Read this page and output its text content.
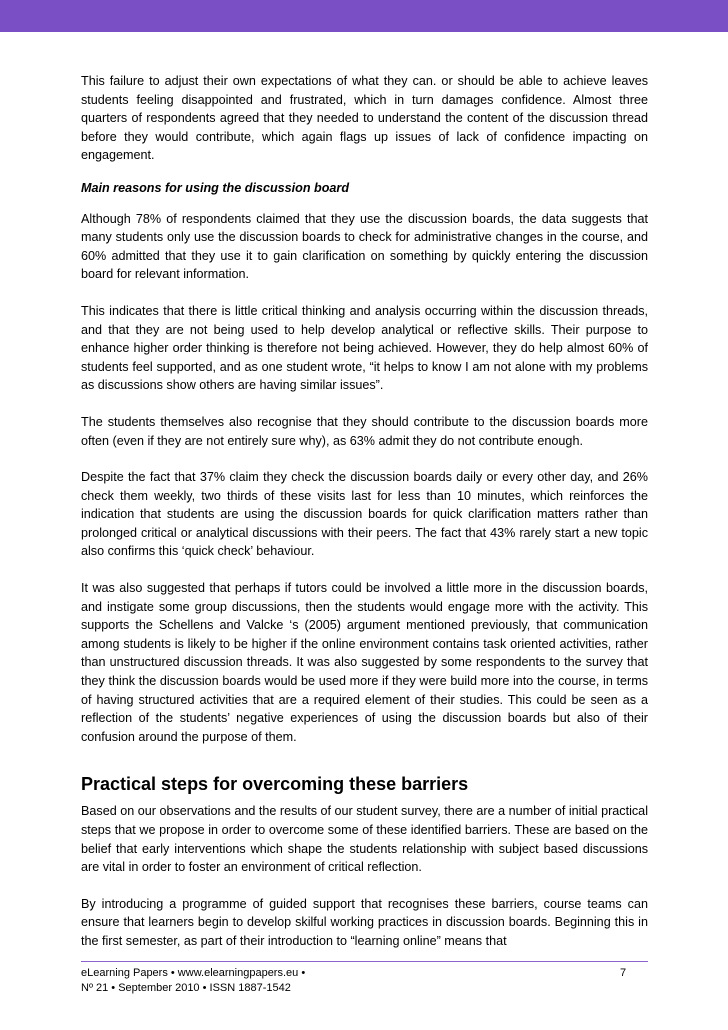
This failure to adjust their own expectations of what they can. or should be able to achieve leaves students feeling disappointed and frustrated, which in turn damages confidence. Almost three quarters of respondents agreed that they needed to understand the content of the discussion thread before they would contribute, which again flags up issues of lack of confidence impacting on engagement.

Main reasons for using the discussion board

Although 78% of respondents claimed that they use the discussion boards, the data suggests that many students only use the discussion boards to check for administrative changes in the course, and 60% admitted that they use it to gain clarification on something by quickly entering the discussion board for relevant information.

This indicates that there is little critical thinking and analysis occurring within the discussion threads, and that they are not being used to help develop analytical or reflective skills. Their purpose to enhance higher order thinking is therefore not being achieved. However, they do help almost 60% of students feel supported, and as one student wrote, “it helps to know I am not alone with my problems as discussions show others are having similar issues”.

The students themselves also recognise that they should contribute to the discussion boards more often (even if they are not entirely sure why), as 63% admit they do not contribute enough.

Despite the fact that 37% claim they check the discussion boards daily or every other day, and 26% check them weekly, two thirds of these visits last for less than 10 minutes, which reinforces the indication that students are using the discussion boards for quick clarification matters rather than prolonged critical or analytical discussions with their peers. The fact that 43% rarely start a new topic also confirms this ‘quick check’ behaviour.

It was also suggested that perhaps if tutors could be involved a little more in the discussion boards, and instigate some group discussions, then the students would engage more with the activity. This supports the Schellens and Valcke ‘s (2005) argument mentioned previously, that communication among students is likely to be higher if the online environment contains task oriented activities, rather than unstructured discussion threads. It was also suggested by some respondents to the survey that they think the discussion boards would be used more if they were build more into the course, in terms of having structured activities that are a required element of their studies. This could be seen as a reflection of the students’ negative experiences of using the discussion boards but also of their confusion around the purpose of them.

Practical steps for overcoming these barriers

Based on our observations and the results of our student survey, there are a number of initial practical steps that we propose in order to overcome some of these identified barriers. These are based on the belief that early interventions which shape the students relationship with subject based discussions are vital in order to foster an environment of critical reflection.

By introducing a programme of guided support that recognises these barriers, course teams can ensure that learners begin to develop skilful working practices in discussion boards. Beginning this in the first semester, as part of their introduction to “learning online” means that

eLearning Papers • www.elearningpapers.eu •
Nº 21 • September 2010 • ISSN 1887-1542
7
